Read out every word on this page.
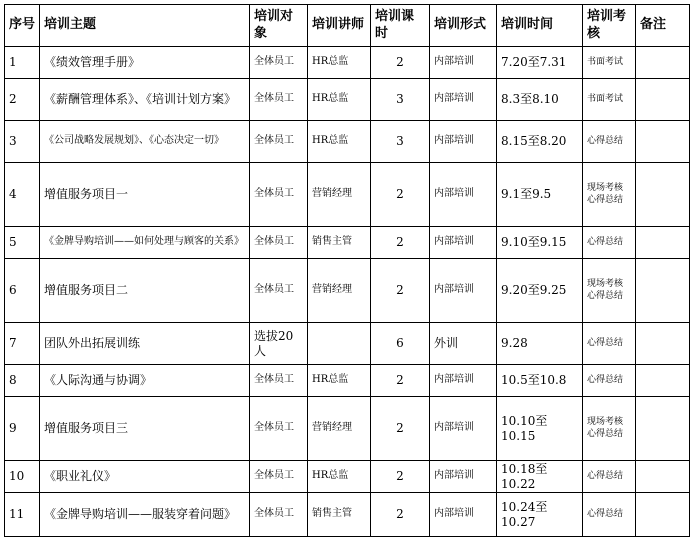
序号	培训主题	培训对象	培训讲师	培训课时	培训形式	培训时间	培训考核	备注
1	《绩效管理手册》	全体员工	HR总监	2	内部培训	7.20至7.31	书面考试	
2	《薪酬管理体系》、《培训计划方案》	全体员工	HR总监	3	内部培训	8.3至8.10	书面考试	
3	《公司战略发展规划》、《心态决定一切》	全体员工	HR总监	3	内部培训	8.15至8.20	心得总结	
4	增值服务项目一	全体员工	营销经理	2	内部培训	9.1至9.5	现场考核心得总结	
5	《金牌导购培训——如何处理与顾客的关系》	全体员工	销售主管	2	内部培训	9.10至9.15	心得总结	
6	增值服务项目二	全体员工	营销经理	2	内部培训	9.20至9.25	现场考核心得总结	
7	团队外出拓展训练	选拔20人		6	外训	9.28	心得总结	
8	《人际沟通与协调》	全体员工	HR总监	2	内部培训	10.5至10.8	心得总结	
9	增值服务项目三	全体员工	营销经理	2	内部培训	10.10至10.15	现场考核心得总结	
10	《职业礼仪》	全体员工	HR总监	2	内部培训	10.18至10.22	心得总结	
11	《金牌导购培训——服装穿着问题》	全体员工	销售主管	2	内部培训	10.24至10.27	心得总结	
